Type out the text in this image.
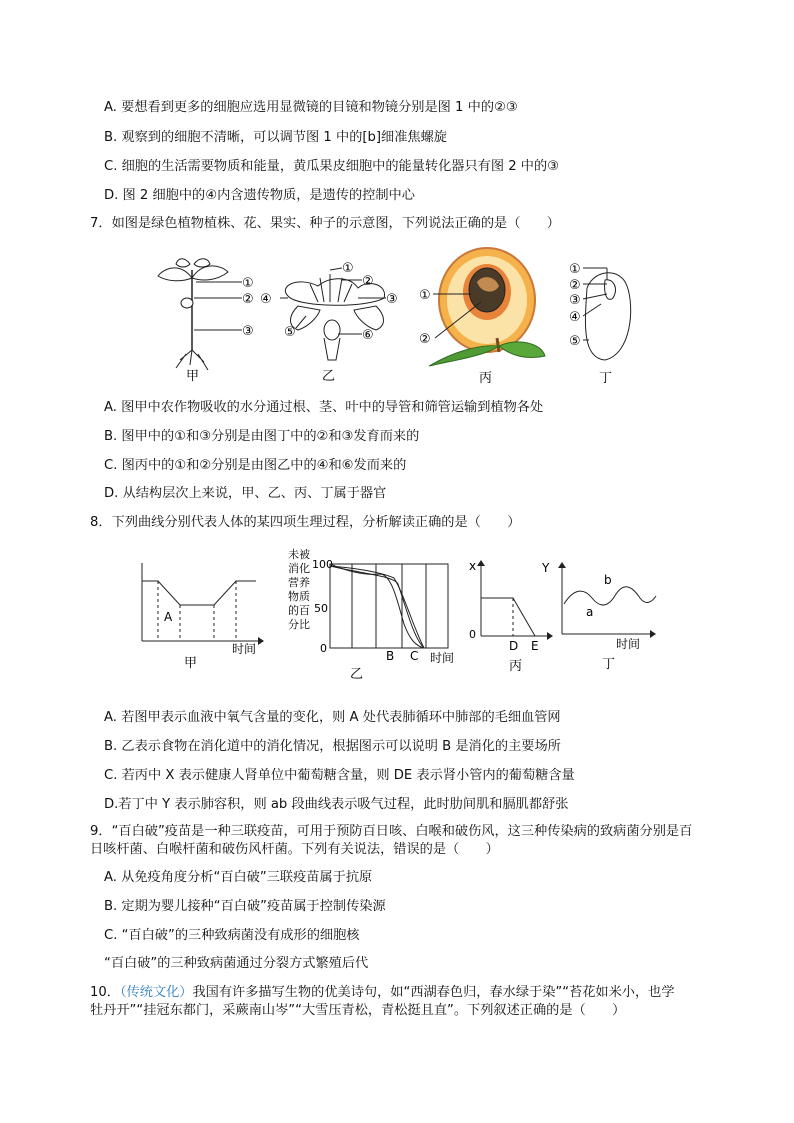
A. 要想看到更多的细胞应选用显微镜的目镜和物镜分别是图 1 中的②③
B. 观察到的细胞不清晰，可以调节图 1 中的[b]细准焦螺旋
C. 细胞的生活需要物质和能量，黄瓜果皮细胞中的能量转化器只有图 2 中的③
D. 图 2 细胞中的④内含遗传物质，是遗传的控制中心
7．如图是绿色植物植株、花、果实、种子的示意图，下列说法正确的是（　　）
①
②
③
甲
①
②
③
④
⑤	⑥
乙
①
②
丙
①
②
③
④
⑤
丁
A. 图甲中农作物吸收的水分通过根、茎、叶中的导管和筛管运输到植物各处
B. 图甲中的①和③分别是由图丁中的②和③发育而来的
C. 图丙中的①和②分别是由图乙中的④和⑥发而来的
D. 从结构层次上来说，甲、乙、丙、丁属于器官
8．下列曲线分别代表人体的某四项生理过程，分析解读正确的是（　　）
A
时间
甲
未被
消化
营养
物质
的百
分比
100
50
0
B C 时间
乙
x
0
D E
丙
Y
a
b
时间
丁
A. 若图甲表示血液中氧气含量的变化，则 A 处代表肺循环中肺部的毛细血管网
B. 乙表示食物在消化道中的消化情况，根据图示可以说明 B 是消化的主要场所
C. 若丙中 X 表示健康人肾单位中葡萄糖含量，则 DE 表示肾小管内的葡萄糖含量
D.若丁中 Y 表示肺容积，则 ab 段曲线表示吸气过程，此时肋间肌和膈肌都舒张
9．“百白破”疫苗是一种三联疫苗，可用于预防百日咳、白喉和破伤风，这三种传染病的致病菌分别是百
日咳杆菌、白喉杆菌和破伤风杆菌。下列有关说法，错误的是（　　）
A. 从免疫角度分析“百白破”三联疫苗属于抗原
B. 定期为婴儿接种“百白破”疫苗属于控制传染源
C. “百白破”的三种致病菌没有成形的细胞核
“百白破”的三种致病菌通过分裂方式繁殖后代
10．（传统文化）我国有许多描写生物的优美诗句，如“西湖春色归，春水绿于染”“苔花如米小，也学
牡丹开”“挂冠东都门，采蕨南山岑”“大雪压青松，青松挺且直”。下列叙述正确的是（　　）
